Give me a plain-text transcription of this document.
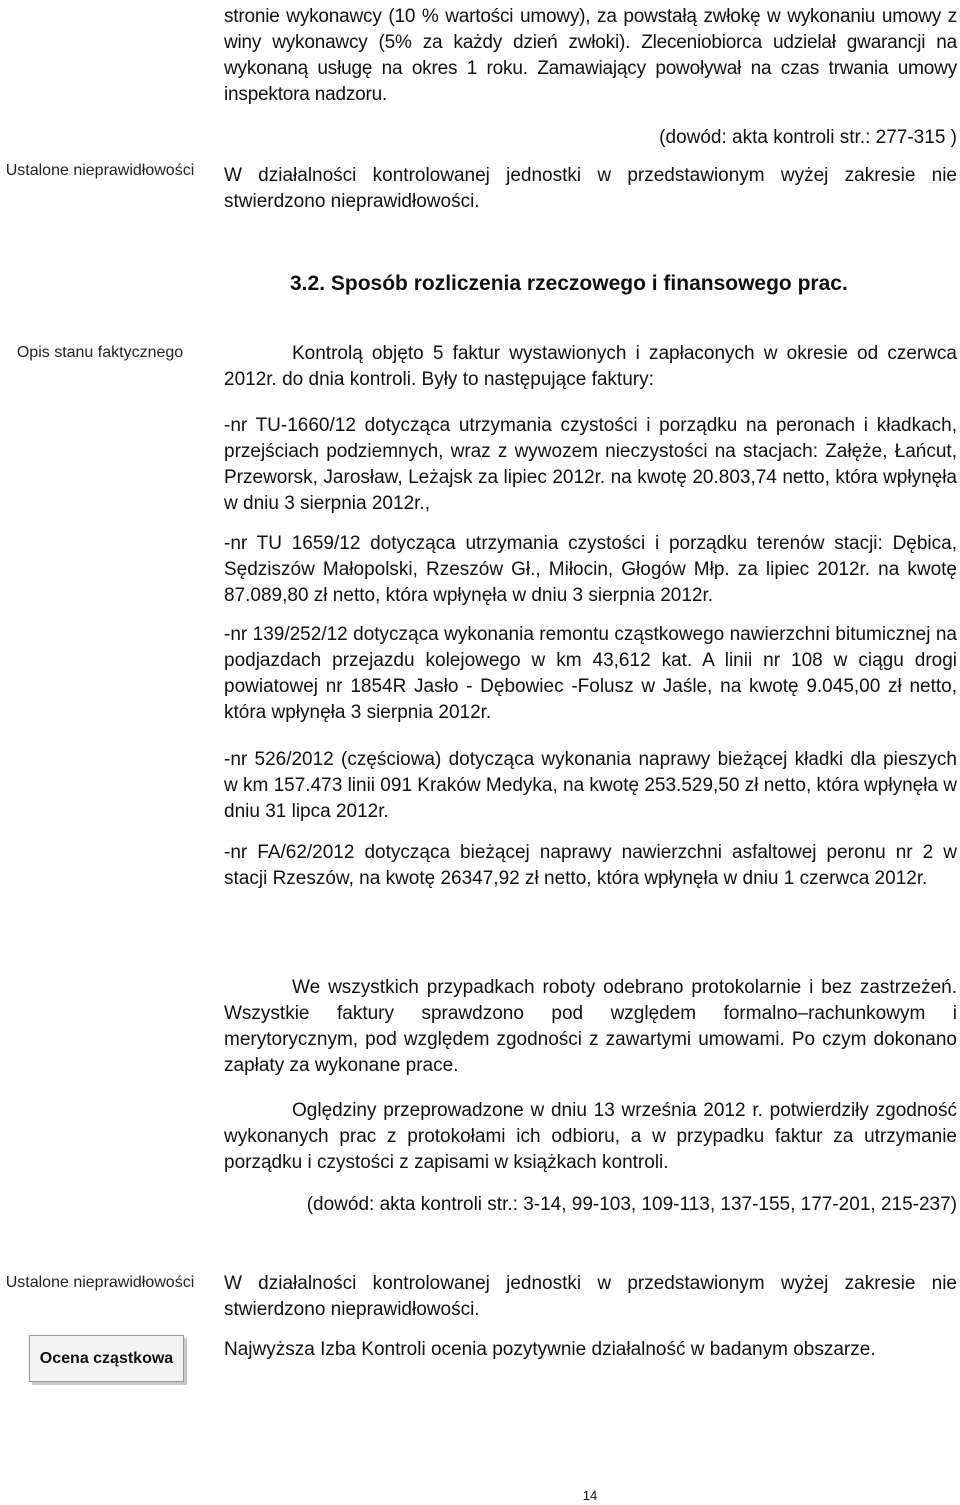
Ustalone nieprawidłowości
Opis stanu faktycznego
Ustalone nieprawidłowości
Ocena cząstkowa

stronie wykonawcy (10 % wartości umowy), za powstałą zwłokę w wykonaniu umowy z winy wykonawcy (5% za każdy dzień zwłoki). Zleceniobiorca udzielał gwarancji na wykonaną usługę na okres 1 roku. Zamawiający powoływał na czas trwania umowy inspektora nadzoru.

(dowód: akta kontroli str.: 277-315 )

W działalności kontrolowanej jednostki w przedstawionym wyżej zakresie nie stwierdzono nieprawidłowości.

3.2. Sposób rozliczenia rzeczowego i finansowego prac.

Kontrolą objęto 5 faktur wystawionych i zapłaconych w okresie od czerwca 2012r. do dnia kontroli. Były to następujące faktury:

-nr TU-1660/12 dotycząca utrzymania czystości i porządku na peronach i kładkach, przejściach podziemnych, wraz z wywozem nieczystości na stacjach: Załęże, Łańcut, Przeworsk, Jarosław, Leżajsk za lipiec 2012r. na kwotę 20.803,74 netto, która wpłynęła w dniu 3 sierpnia 2012r.,

-nr TU 1659/12 dotycząca utrzymania czystości i porządku terenów stacji: Dębica, Sędziszów Małopolski, Rzeszów Gł., Miłocin, Głogów Młp. za lipiec 2012r. na kwotę 87.089,80 zł netto, która wpłynęła w dniu 3 sierpnia 2012r.

-nr 139/252/12 dotycząca wykonania remontu cząstkowego nawierzchni bitumicznej na podjazdach przejazdu kolejowego w km 43,612 kat. A linii nr 108 w ciągu drogi powiatowej nr 1854R Jasło - Dębowiec -Folusz w Jaśle, na kwotę 9.045,00 zł netto, która wpłynęła 3 sierpnia 2012r.

-nr 526/2012 (częściowa) dotycząca wykonania naprawy bieżącej kładki dla pieszych w km 157.473 linii 091 Kraków Medyka, na kwotę 253.529,50 zł netto, która wpłynęła w dniu 31 lipca 2012r.

-nr FA/62/2012 dotycząca bieżącej naprawy nawierzchni asfaltowej peronu nr 2 w stacji Rzeszów, na kwotę 26347,92 zł netto, która wpłynęła w dniu 1 czerwca 2012r.

We wszystkich przypadkach roboty odebrano protokolarnie i bez zastrzeżeń. Wszystkie faktury sprawdzono pod względem formalno–rachunkowym i merytorycznym, pod względem zgodności z zawartymi umowami. Po czym dokonano zapłaty za wykonane prace.

Oględziny przeprowadzone w dniu 13 września 2012 r. potwierdziły zgodność wykonanych prac z protokołami ich odbioru, a w przypadku faktur za utrzymanie porządku i czystości z zapisami w książkach kontroli.

(dowód: akta kontroli str.: 3-14, 99-103, 109-113, 137-155, 177-201, 215-237)

W działalności kontrolowanej jednostki w przedstawionym wyżej zakresie nie stwierdzono nieprawidłowości.

Najwyższa Izba Kontroli ocenia pozytywnie działalność w badanym obszarze.

14
